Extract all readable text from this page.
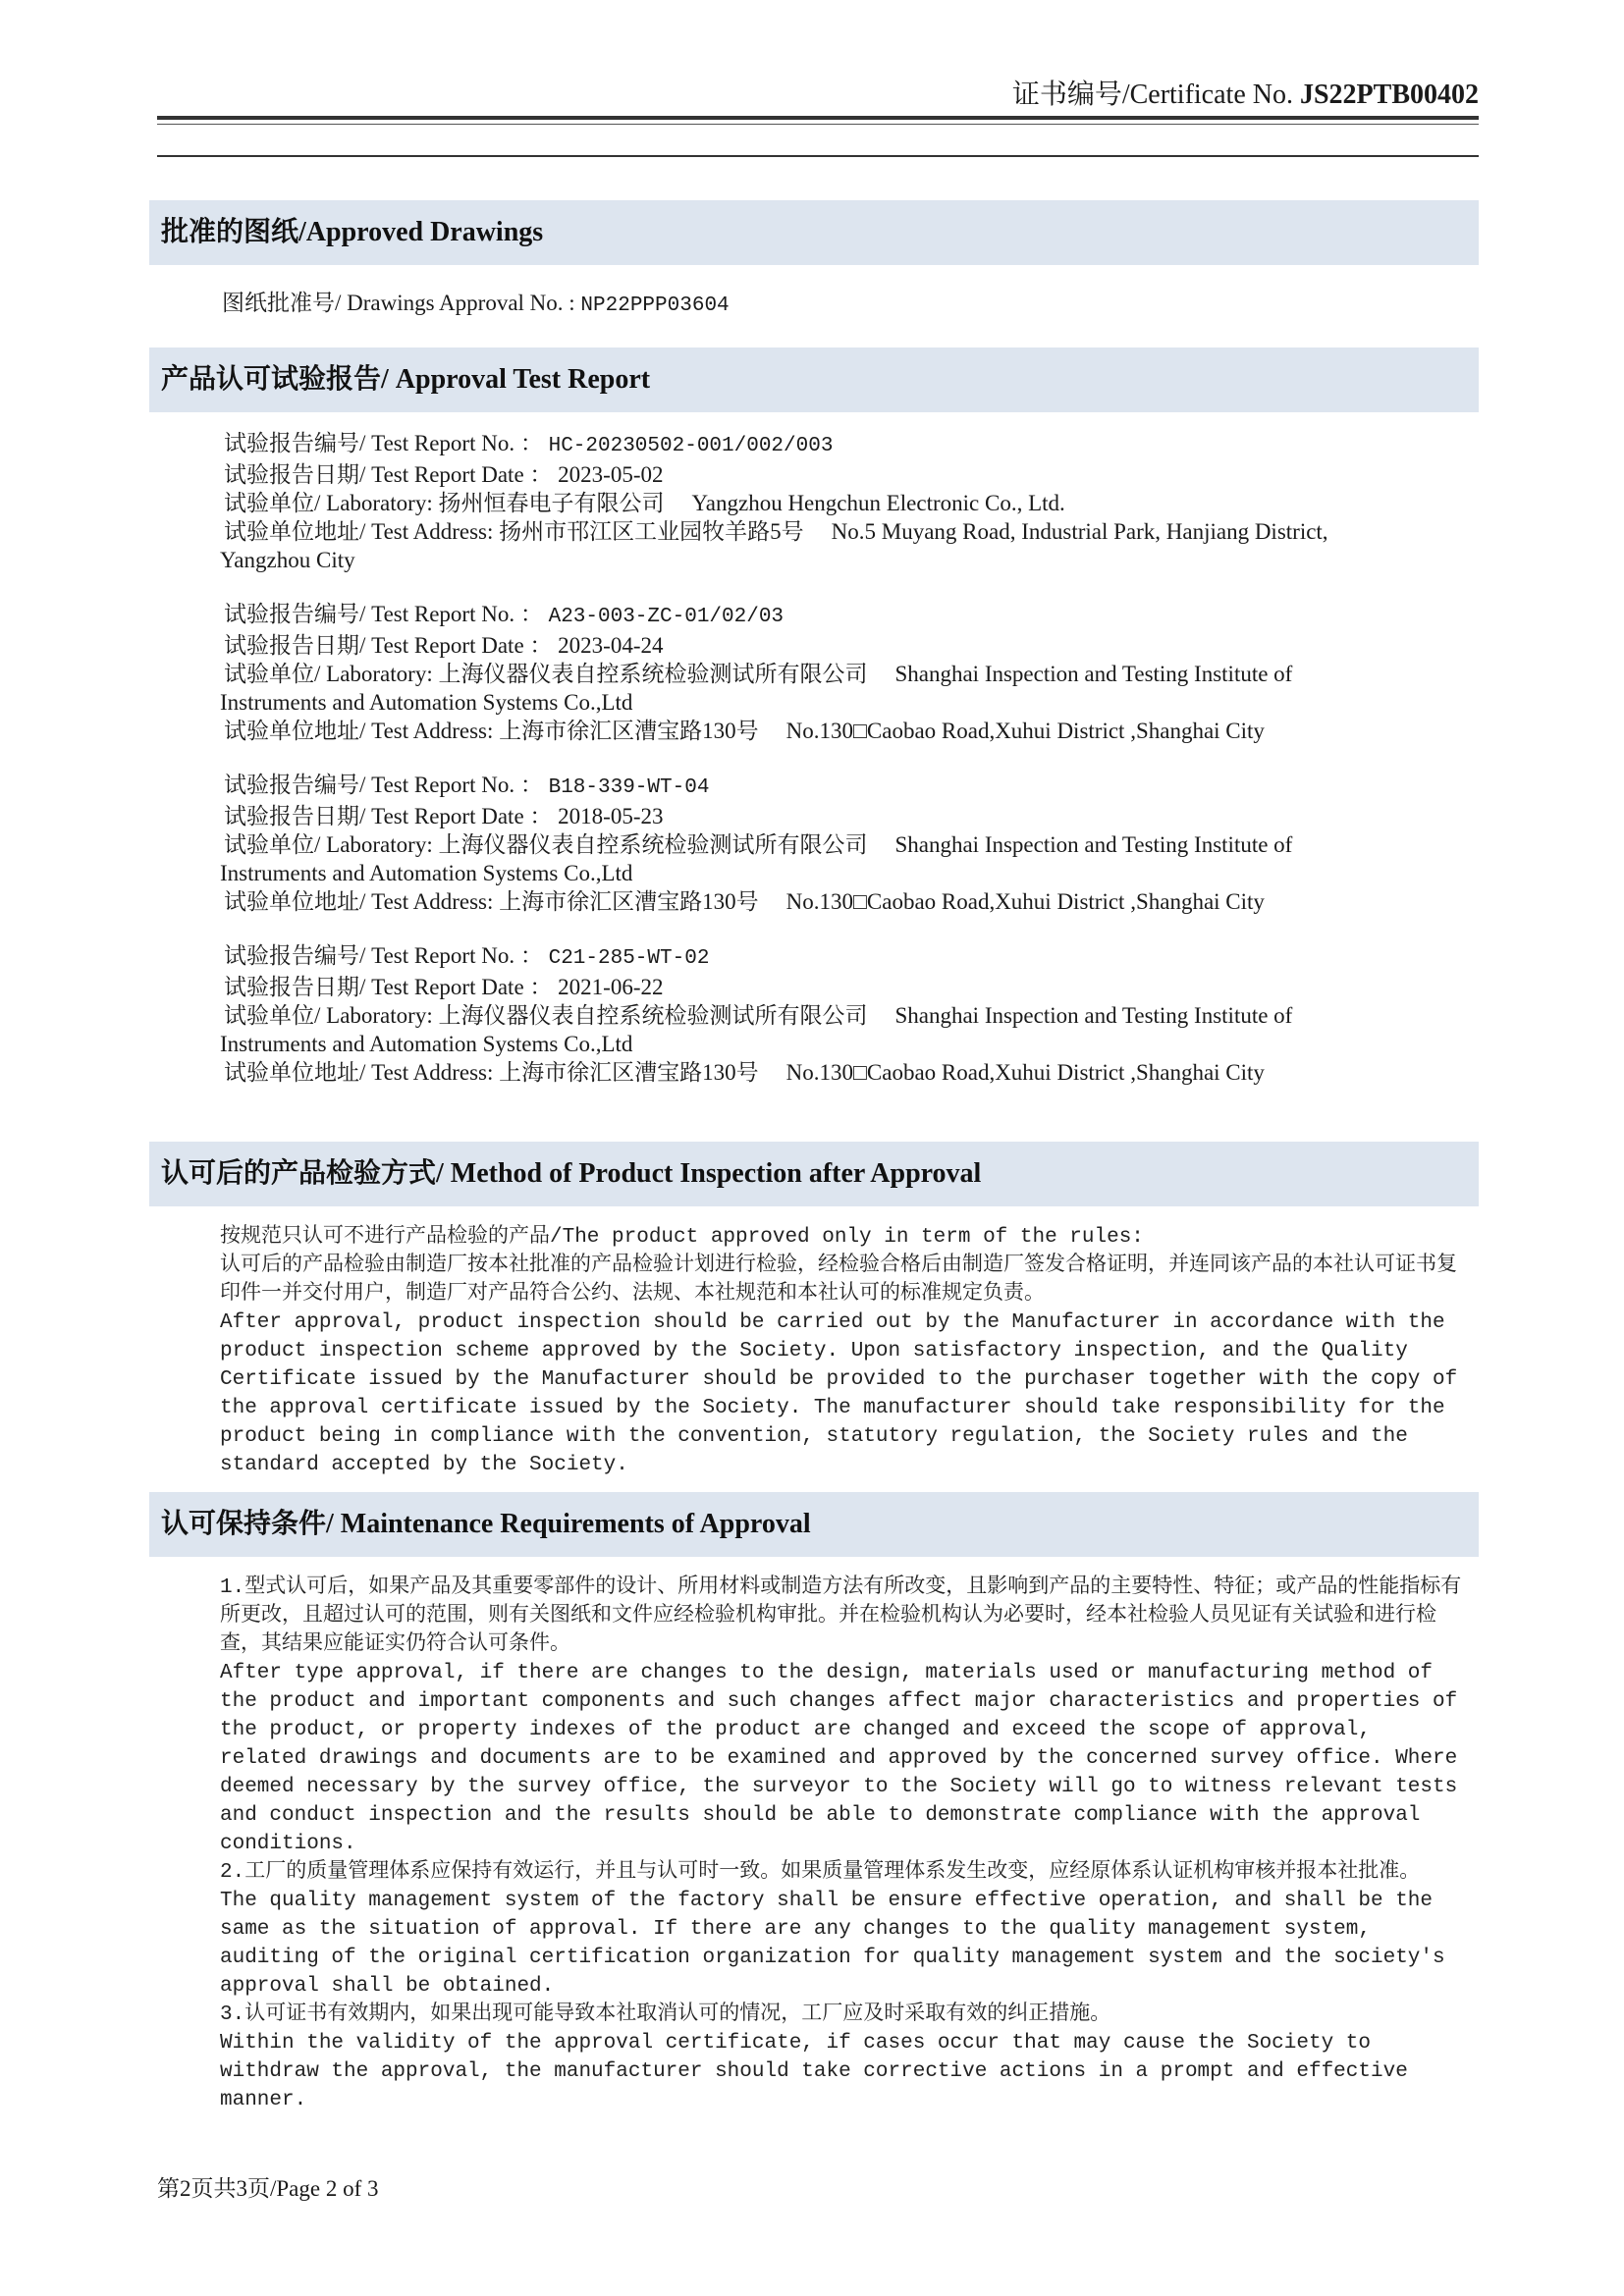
证书编号/Certificate No. JS22PTB00402
批准的图纸/Approved Drawings
图纸批准号/ Drawings Approval No. : NP22PPP03604
产品认可试验报告/ Approval Test Report
试验报告编号/ Test Report No. ： HC-20230502-001/002/003
试验报告日期/ Test Report Date ： 2023-05-02
试验单位/ Laboratory: 扬州恒春电子有限公司 Yangzhou Hengchun Electronic Co., Ltd.
试验单位地址/ Test Address: 扬州市邗江区工业园牧羊路5号 No.5 Muyang Road, Industrial Park, Hanjiang District,
Yangzhou City
试验报告编号/ Test Report No. ： A23-003-ZC-01/02/03
试验报告日期/ Test Report Date ： 2023-04-24
试验单位/ Laboratory: 上海仪器仪表自控系统检验测试所有限公司 Shanghai Inspection and Testing Institute of
Instruments and Automation Systems Co.,Ltd
试验单位地址/ Test Address: 上海市徐汇区漕宝路130号 No.130□Caobao Road,Xuhui District ,Shanghai City
试验报告编号/ Test Report No. ： B18-339-WT-04
试验报告日期/ Test Report Date ： 2018-05-23
试验单位/ Laboratory: 上海仪器仪表自控系统检验测试所有限公司 Shanghai Inspection and Testing Institute of
Instruments and Automation Systems Co.,Ltd
试验单位地址/ Test Address: 上海市徐汇区漕宝路130号 No.130□Caobao Road,Xuhui District ,Shanghai City
试验报告编号/ Test Report No. ： C21-285-WT-02
试验报告日期/ Test Report Date ： 2021-06-22
试验单位/ Laboratory: 上海仪器仪表自控系统检验测试所有限公司 Shanghai Inspection and Testing Institute of
Instruments and Automation Systems Co.,Ltd
试验单位地址/ Test Address: 上海市徐汇区漕宝路130号 No.130□Caobao Road,Xuhui District ,Shanghai City
认可后的产品检验方式/ Method of Product Inspection after Approval

按规范只认可不进行产品检验的产品/The product approved only in term of the rules:

认可后的产品检验由制造厂按本社批准的产品检验计划进行检验，经检验合格后由制造厂签发合格证明，并连同该产品的本社认可证书复印件一并交付用户，制造厂对产品符合公约、法规、本社规范和本社认可的标准规定负责。

After approval, product inspection should be carried out by the Manufacturer in accordance with the product inspection scheme approved by the Society. Upon satisfactory inspection, and the Quality Certificate issued by the Manufacturer should be provided to the purchaser together with the copy of the approval certificate issued by the Society. The manufacturer should take responsibility for the product being in compliance with the convention, statutory regulation, the Society rules and the standard accepted by the Society.

认可保持条件/ Maintenance Requirements of Approval

1.型式认可后，如果产品及其重要零部件的设计、所用材料或制造方法有所改变，且影响到产品的主要特性、特征；或产品的性能指标有所更改，且超过认可的范围，则有关图纸和文件应经检验机构审批。并在检验机构认为必要时，经本社检验人员见证有关试验和进行检查，其结果应能证实仍符合认可条件。

After type approval, if there are changes to the design, materials used or manufacturing method of the product and important components and such changes affect major characteristics and properties of the product, or property indexes of the product are changed and exceed the scope of approval, related drawings and documents are to be examined and approved by the concerned survey office. Where deemed necessary by the survey office, the surveyor to the Society will go to witness relevant tests and conduct inspection and the results should be able to demonstrate compliance with the approval conditions.

2.工厂的质量管理体系应保持有效运行，并且与认可时一致。如果质量管理体系发生改变，应经原体系认证机构审核并报本社批准。

The quality management system of the factory shall be ensure effective operation, and shall be the same as the situation of approval. If there are any changes to the quality management system, auditing of the original certification organization for quality management system and the society's approval shall be obtained.

3.认可证书有效期内，如果出现可能导致本社取消认可的情况，工厂应及时采取有效的纠正措施。

Within the validity of the approval certificate, if cases occur that may cause the Society to withdraw the approval, the manufacturer should take corrective actions in a prompt and effective manner.

第2页共3页/Page 2 of 3
